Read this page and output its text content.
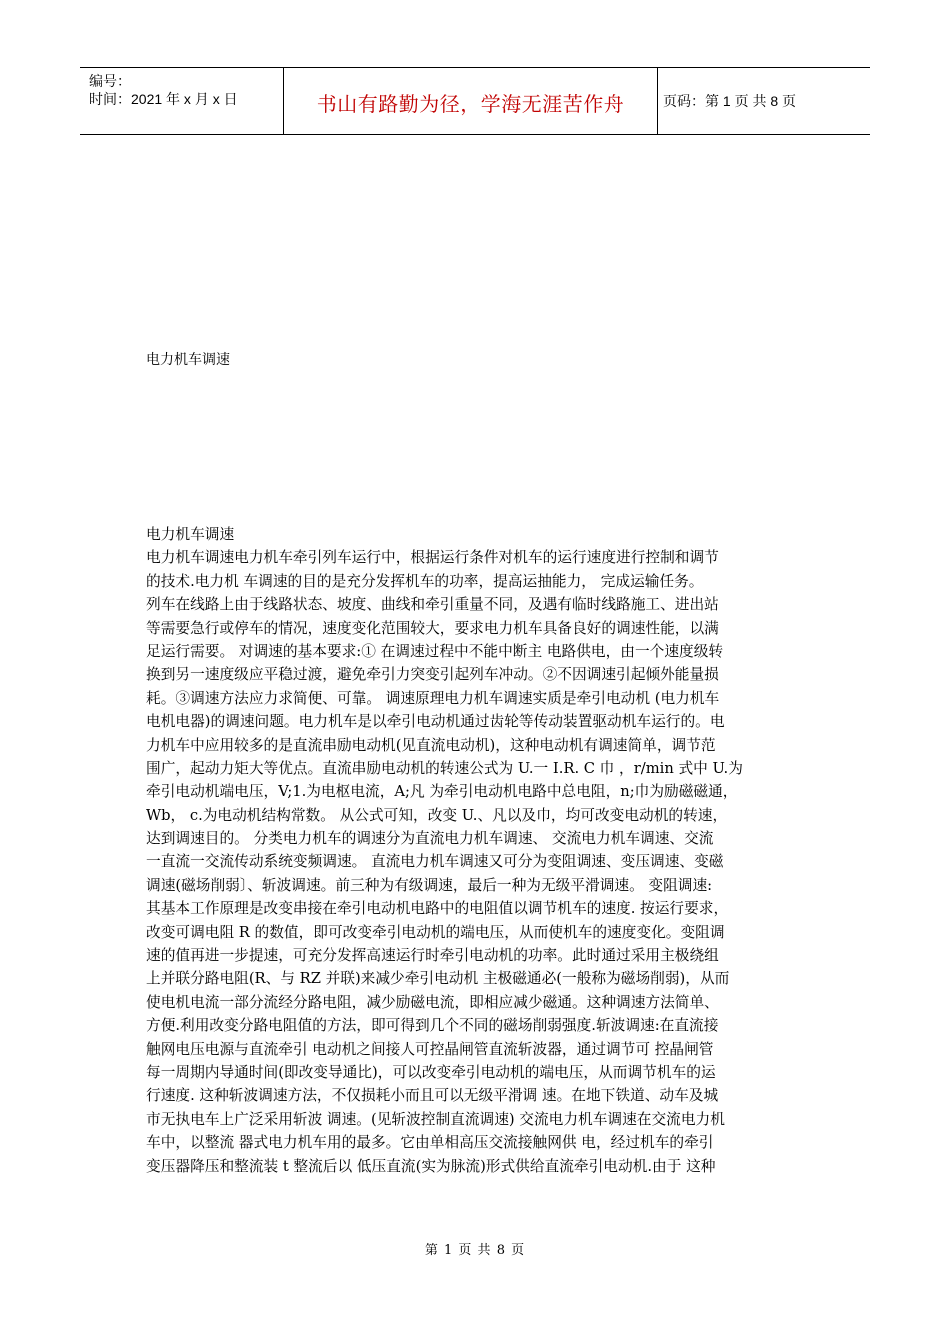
编号：
时间：2021 年 x 月 x 日	书山有路勤为径，学海无涯苦作舟	页码：第 1 页 共 8 页
电力机车调速
电力机车调速
电力机车调速电力机车牵引列车运行中，根据运行条件对机车的运行速度进行控制和调节
的技术.电力机 车调速的目的是充分发挥机车的功率，提高运抽能力， 完成运输任务。
列车在线路上由于线路状态、坡度、曲线和牵引重量不同，及遇有临时线路施工、进出站
等需要急行或停车的情况，速度变化范围较大，要求电力机车具备良好的调速性能，以满
足运行需要。 对调速的基本要求:① 在调速过程中不能中断主 电路供电，由一个速度级转
换到另一速度级应平稳过渡，避免牵引力突变引起列车冲动。②不因调速引起倾外能量损
耗。③调速方法应力求简便、可靠。 调速原理电力机车调速实质是牵引电动机 (电力机车
电机电器)的调速问题。电力机车是以牵引电动机通过齿轮等传动装置驱动机车运行的。电
力机车中应用较多的是直流串励电动机(见直流电动机)，这种电动机有调速简单，调节范
围广，起动力矩大等优点。直流串励电动机的转速公式为 U.一 I.R. C 巾 ，r/min 式中 U.为
牵引电动机端电压，V;1.为电枢电流，A;凡 为牵引电动机电路中总电阻，n;巾为励磁磁通，
Wb， c.为电动机结构常数。 从公式可知，改变 U.、凡以及巾，均可改变电动机的转速，
达到调速目的。 分类电力机车的调速分为直流电力机车调速、 交流电力机车调速、交流
一直流一交流传动系统变频调速。 直流电力机车调速又可分为变阻调速、变压调速、变磁
调速(磁场削弱〕、斩波调速。前三种为有级调速，最后一种为无级平滑调速。 变阻调速:
其基本工作原理是改变串接在牵引电动机电路中的电阻值以调节机车的速度. 按运行要求，
改变可调电阻 R 的数值，即可改变牵引电动机的端电压，从而使机车的速度变化。变阻调
速的值再进一步提速，可充分发挥高速运行时牵引电动机的功率。此时通过采用主极绕组
上并联分路电阻(R、与 RZ 并联)来减少牵引电动机 主极磁通必(一般称为磁场削弱)，从而
使电机电流一部分流经分路电阻，减少励磁电流，即相应减少磁通。这种调速方法简单、
方便.利用改变分路电阻值的方法，即可得到几个不同的磁场削弱强度.斩波调速:在直流接
触网电压电源与直流牵引 电动机之间接人可控晶闸管直流斩波器，通过调节可 控晶闸管
每一周期内导通时间(即改变导通比)，可以改变牵引电动机的端电压，从而调节机车的运
行速度. 这种斩波调速方法，不仅损耗小而且可以无级平滑调 速。在地下铁道、动车及城
市无执电车上广泛采用斩波 调速。(见斩波控制直流调速) 交流电力机车调速在交流电力机
车中，以整流 器式电力机车用的最多。它由单相高压交流接触网供 电，经过机车的牵引
变压器降压和整流装 t 整流后以 低压直流(实为脉流)形式供给直流牵引电动机.由于 这种
第 1 页 共 8 页
